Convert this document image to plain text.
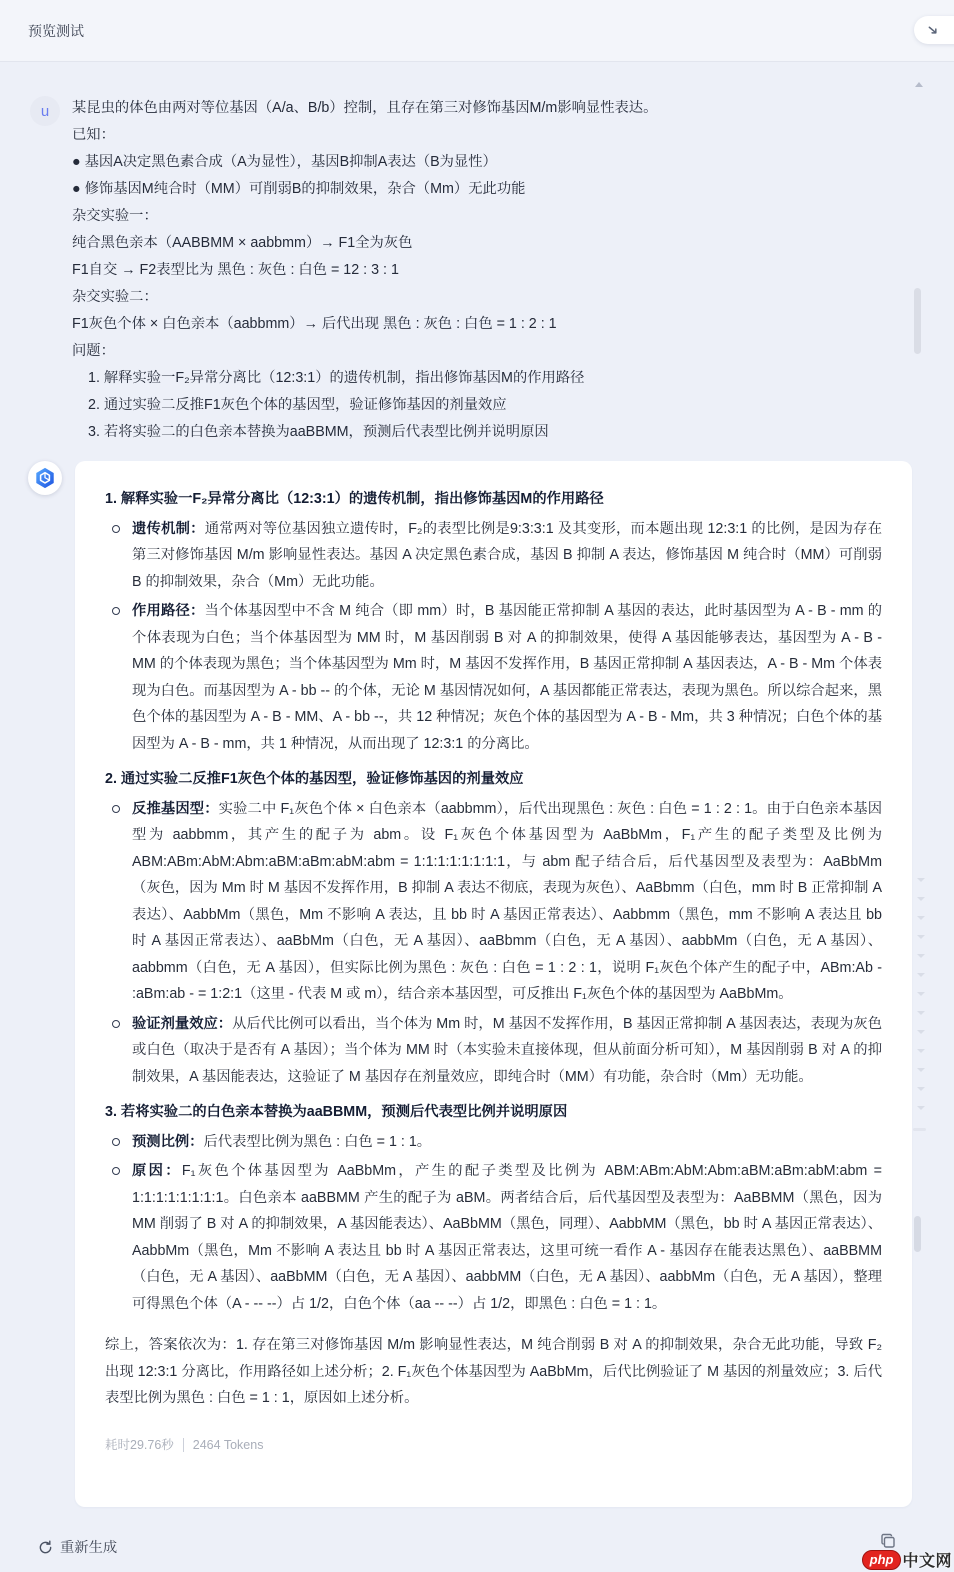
预览测试
u	某昆虫的体色由两对等位基因（A/a、B/b）控制，且存在第三对修饰基因M/m影响显性表达。

已知：

● 基因A决定黑色素合成（A为显性），基因B抑制A表达（B为显性）

● 修饰基因M纯合时（MM）可削弱B的抑制效果，杂合（Mm）无此功能

杂交实验一：

纯合黑色亲本（AABBMM × aabbmm）→ F1全为灰色

F1自交 → F2表型比为 黑色 : 灰色 : 白色 = 12 : 3 : 1

杂交实验二：

F1灰色个体 × 白色亲本（aabbmm）→ 后代出现 黑色 : 灰色 : 白色 = 1 : 2 : 1

问题：

1. 解释实验一F₂异常分离比（12:3:1）的遗传机制，指出修饰基因M的作用路径

2. 通过实验二反推F1灰色个体的基因型，验证修饰基因的剂量效应

3. 若将实验二的白色亲本替换为aaBBMM，预测后代表型比例并说明原因

1. 解释实验一F₂异常分离比（12:3:1）的遗传机制，指出修饰基因M的作用路径
遗传机制：通常两对等位基因独立遗传时，F₂的表型比例是9:3:3:1 及其变形，而本题出现 12:3:1 的比例，是因为存在第三对修饰基因 M/m 影响显性表达。基因 A 决定黑色素合成，基因 B 抑制 A 表达，修饰基因 M 纯合时（MM）可削弱 B 的抑制效果，杂合（Mm）无此功能。
作用路径：当个体基因型中不含 M 纯合（即 mm）时，B 基因能正常抑制 A 基因的表达，此时基因型为 A - B - mm 的个体表现为白色；当个体基因型为 MM 时，M 基因削弱 B 对 A 的抑制效果，使得 A 基因能够表达，基因型为 A - B - MM 的个体表现为黑色；当个体基因型为 Mm 时，M 基因不发挥作用，B 基因正常抑制 A 基因表达，A - B - Mm 个体表现为白色。而基因型为 A - bb -- 的个体，无论 M 基因情况如何，A 基因都能正常表达，表现为黑色。所以综合起来，黑色个体的基因型为 A - B - MM、A - bb --，共 12 种情况；灰色个体的基因型为 A - B - Mm，共 3 种情况；白色个体的基因型为 A - B - mm，共 1 种情况，从而出现了 12:3:1 的分离比。
2. 通过实验二反推F1灰色个体的基因型，验证修饰基因的剂量效应
反推基因型：实验二中 F₁灰色个体 × 白色亲本（aabbmm），后代出现黑色 : 灰色 : 白色 = 1 : 2 : 1。由于白色亲本基因型为 aabbmm，其产生的配子为 abm。设 F₁灰色个体基因型为 AaBbMm，F₁产生的配子类型及比例为 ABM:ABm:AbM:Abm:aBM:aBm:abM:abm = 1:1:1:1:1:1:1:1，与 abm 配子结合后，后代基因型及表型为：AaBbMm（灰色，因为 Mm 时 M 基因不发挥作用，B 抑制 A 表达不彻底，表现为灰色）、AaBbmm（白色，mm 时 B 正常抑制 A 表达）、AabbMm（黑色，Mm 不影响 A 表达，且 bb 时 A 基因正常表达）、Aabbmm（黑色，mm 不影响 A 表达且 bb 时 A 基因正常表达）、aaBbMm（白色，无 A 基因）、aaBbmm（白色，无 A 基因）、aabbMm（白色，无 A 基因）、aabbmm（白色，无 A 基因），但实际比例为黑色 : 灰色 : 白色 = 1 : 2 : 1，说明 F₁灰色个体产生的配子中，ABm:Ab - :aBm:ab - = 1:2:1（这里 - 代表 M 或 m），结合亲本基因型，可反推出 F₁灰色个体的基因型为 AaBbMm。
验证剂量效应：从后代比例可以看出，当个体为 Mm 时，M 基因不发挥作用，B 基因正常抑制 A 基因表达，表现为灰色或白色（取决于是否有 A 基因）；当个体为 MM 时（本实验未直接体现，但从前面分析可知），M 基因削弱 B 对 A 的抑制效果，A 基因能表达，这验证了 M 基因存在剂量效应，即纯合时（MM）有功能，杂合时（Mm）无功能。
3. 若将实验二的白色亲本替换为aaBBMM，预测后代表型比例并说明原因
预测比例：后代表型比例为黑色 : 白色 = 1 : 1。
原因：F₁灰色个体基因型为 AaBbMm，产生的配子类型及比例为 ABM:ABm:AbM:Abm:aBM:aBm:abM:abm = 1:1:1:1:1:1:1:1。白色亲本 aaBBMM 产生的配子为 aBM。两者结合后，后代基因型及表型为：AaBBMM（黑色，因为 MM 削弱了 B 对 A 的抑制效果，A 基因能表达）、AaBbMM（黑色，同理）、AabbMM（黑色，bb 时 A 基因正常表达）、AabbMm（黑色，Mm 不影响 A 表达且 bb 时 A 基因正常表达，这里可统一看作 A - 基因存在能表达黑色）、aaBBMM（白色，无 A 基因）、aaBbMM（白色，无 A 基因）、aabbMM（白色，无 A 基因）、aabbMm（白色，无 A 基因），整理可得黑色个体（A - -- --）占 1/2，白色个体（aa -- --）占 1/2，即黑色 : 白色 = 1 : 1。
综上，答案依次为：1. 存在第三对修饰基因 M/m 影响显性表达，M 纯合削弱 B 对 A 的抑制效果，杂合无此功能，导致 F₂出现 12:3:1 分离比，作用路径如上述分析；2. F₁灰色个体基因型为 AaBbMm，后代比例验证了 M 基因的剂量效应；3. 后代表型比例为黑色 : 白色 = 1 : 1，原因如上述分析。
耗时29.76秒 2464 Tokens
重新生成
php 中文网
